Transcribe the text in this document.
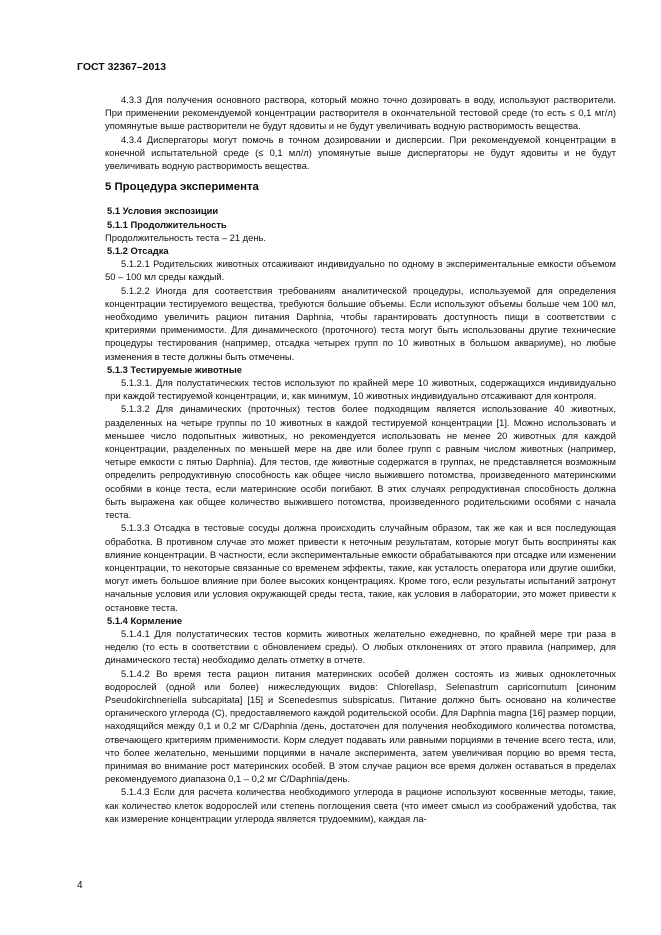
ГОСТ 32367–2013

4.3.3 Для получения основного раствора, который можно точно дозировать в воду, используют растворители. При применении рекомендуемой концентрации растворителя в окончательной тестовой среде (то есть ≤ 0,1 мг/л) упомянутые выше растворители не будут ядовиты и не будут увеличивать водную растворимость вещества.

4.3.4 Диспергаторы могут помочь в точном дозировании и дисперсии. При рекомендуемой концентрации в конечной испытательной среде (≤ 0,1 мл/л) упомянутые выше диспергаторы не будут ядовиты и не будут увеличивать водную растворимость вещества.

5 Процедура эксперимента

5.1 Условия экспозиции

5.1.1 Продолжительность

Продолжительность теста – 21 день.

5.1.2 Отсадка

5.1.2.1 Родительских животных отсаживают индивидуально по одному в экспериментальные емкости объемом 50 – 100 мл среды каждый.

5.1.2.2 Иногда для соответствия требованиям аналитической процедуры, используемой для определения концентрации тестируемого вещества, требуются большие объемы. Если используют объемы больше чем 100 мл, необходимо увеличить рацион питания Daphnia, чтобы гарантировать доступность пищи в соответствии с критериями применимости. Для динамического (проточного) теста могут быть использованы другие технические процедуры тестирования (например, отсадка четырех групп по 10 животных в большом аквариуме), но любые изменения в тесте должны быть отмечены.

5.1.3 Тестируемые животные

5.1.3.1. Для полустатических тестов используют по крайней мере 10 животных, содержащихся индивидуально при каждой тестируемой концентрации, и, как минимум, 10 животных индивидуально отсаживают для контроля.

5.1.3.2 Для динамических (проточных) тестов более подходящим является использование 40 животных, разделенных на четыре группы по 10 животных в каждой тестируемой концентрации [1]. Можно использовать и меньшее число подопытных животных, но рекомендуется использовать не менее 20 животных для каждой концентрации, разделенных по меньшей мере на две или более групп с равным числом животных (например, четыре емкости с пятью Daphnia). Для тестов, где животные содержатся в группах, не представляется возможным определить репродуктивную способность как общее число выжившего потомства, произведенного материнскими особями в конце теста, если материнские особи погибают. В этих случаях репродуктивная способность должна быть выражена как общее количество выжившего потомства, произведенного родительскими особями с начала теста.

5.1.3.3 Отсадка в тестовые сосуды должна происходить случайным образом, так же как и вся последующая обработка. В противном случае это может привести к неточным результатам, которые могут быть восприняты как влияние концентрации. В частности, если экспериментальные емкости обрабатываются при отсадке или изменении концентрации, то некоторые связанные со временем эффекты, такие, как усталость оператора или другие ошибки, могут иметь большое влияние при более высоких концентрациях. Кроме того, если результаты испытаний затронут начальные условия или условия окружающей среды теста, такие, как условия в лаборатории, это может привести к остановке теста.

5.1.4 Кормление

5.1.4.1 Для полустатических тестов кормить животных желательно ежедневно, по крайней мере три раза в неделю (то есть в соответствии с обновлением среды). О любых отклонениях от этого правила (например, для динамического теста) необходимо делать отметку в отчете.

5.1.4.2 Во время теста рацион питания материнских особей должен состоять из живых одноклеточных водорослей (одной или более) нижеследующих видов: Chlorellasp, Selenastrum capricornutum [синоним Pseudokirchneriella subcapitata] [15] и Scenedesmus subspicatus. Питание должно быть основано на количестве органического углерода (С), предоставляемого каждой родительской особи. Для Daphnia magna [16] размер порции, находящийся между 0,1 и 0,2 мг С/Daphnia /день, достаточен для получения необходимого количества потомства, отвечающего критериям применимости. Корм следует подавать или равными порциями в течение всего теста, или, что более желательно, меньшими порциями в начале эксперимента, затем увеличивая порцию во время теста, принимая во внимание рост материнских особей. В этом случае рацион все время должен оставаться в пределах рекомендуемого диапазона 0,1 – 0,2 мг С/Daphnia/день.

5.1.4.3 Если для расчета количества необходимого углерода в рационе используют косвенные методы, такие, как количество клеток водорослей или степень поглощения света (что имеет смысл из соображений удобства, так как измерение концентрации углерода является трудоемким), каждая ла-

4
